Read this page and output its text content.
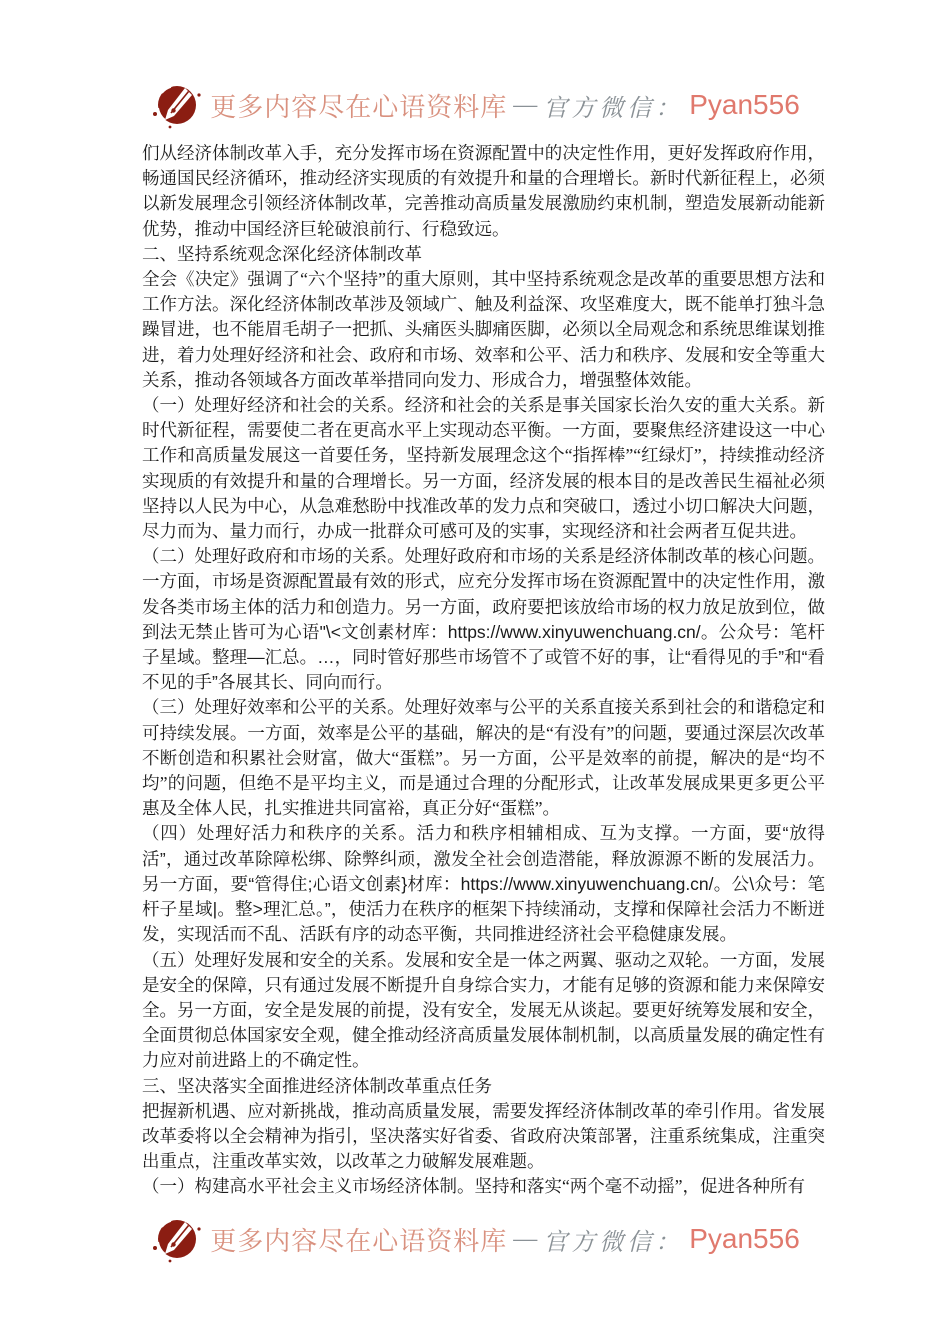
更多内容尽在心语资料库 — 官方微信： Pyan556

们从经济体制改革入手，充分发挥市场在资源配置中的决定性作用，更好发挥政府作用，畅通国民经济循环，推动经济实现质的有效提升和量的合理增长。新时代新征程上，必须以新发展理念引领经济体制改革，完善推动高质量发展激励约束机制，塑造发展新动能新优势，推动中国经济巨轮破浪前行、行稳致远。

二、坚持系统观念深化经济体制改革

全会《决定》强调了“六个坚持”的重大原则，其中坚持系统观念是改革的重要思想方法和工作方法。深化经济体制改革涉及领域广、触及利益深、攻坚难度大，既不能单打独斗急躁冒进，也不能眉毛胡子一把抓、头痛医头脚痛医脚，必须以全局观念和系统思维谋划推进，着力处理好经济和社会、政府和市场、效率和公平、活力和秩序、发展和安全等重大关系，推动各领域各方面改革举措同向发力、形成合力，增强整体效能。

（一）处理好经济和社会的关系。经济和社会的关系是事关国家长治久安的重大关系。新时代新征程，需要使二者在更高水平上实现动态平衡。一方面，要聚焦经济建设这一中心工作和高质量发展这一首要任务，坚持新发展理念这个“指挥棒”“红绿灯”，持续推动经济实现质的有效提升和量的合理增长。另一方面，经济发展的根本目的是改善民生福祉必须坚持以人民为中心，从急难愁盼中找准改革的发力点和突破口，透过小切口解决大问题，尽力而为、量力而行，办成一批群众可感可及的实事，实现经济和社会两者互促共进。

（二）处理好政府和市场的关系。处理好政府和市场的关系是经济体制改革的核心问题。一方面，市场是资源配置最有效的形式，应充分发挥市场在资源配置中的决定性作用，激发各类市场主体的活力和创造力。另一方面，政府要把该放给市场的权力放足放到位，做到法无禁止皆可为心语"\<文创素材库：https://www.xinyuwenchuang.cn/。公众号：笔杆子星域。整理—汇总。…，同时管好那些市场管不了或管不好的事，让“看得见的手”和“看不见的手”各展其长、同向而行。

（三）处理好效率和公平的关系。处理好效率与公平的关系直接关系到社会的和谐稳定和可持续发展。一方面，效率是公平的基础，解决的是“有没有”的问题，要通过深层次改革不断创造和积累社会财富，做大“蛋糕”。另一方面，公平是效率的前提，解决的是“均不均”的问题，但绝不是平均主义，而是通过合理的分配形式，让改革发展成果更多更公平惠及全体人民，扎实推进共同富裕，真正分好“蛋糕”。

（四）处理好活力和秩序的关系。活力和秩序相辅相成、互为支撑。一方面，要“放得活”，通过改革除障松绑、除弊纠顽，激发全社会创造潜能，释放源源不断的发展活力。另一方面，要“管得住;心语文创素}材库：https://www.xinyuwenchuang.cn/。公\众号：笔杆子星域|。整>理汇总。”，使活力在秩序的框架下持续涌动，支撑和保障社会活力不断迸发，实现活而不乱、活跃有序的动态平衡，共同推进经济社会平稳健康发展。

（五）处理好发展和安全的关系。发展和安全是一体之两翼、驱动之双轮。一方面，发展是安全的保障，只有通过发展不断提升自身综合实力，才能有足够的资源和能力来保障安全。另一方面，安全是发展的前提，没有安全，发展无从谈起。要更好统筹发展和安全，全面贯彻总体国家安全观，健全推动经济高质量发展体制机制，以高质量发展的确定性有力应对前进路上的不确定性。

三、坚决落实全面推进经济体制改革重点任务

把握新机遇、应对新挑战，推动高质量发展，需要发挥经济体制改革的牵引作用。省发展改革委将以全会精神为指引，坚决落实好省委、省政府决策部署，注重系统集成，注重突出重点，注重改革实效，以改革之力破解发展难题。

（一）构建高水平社会主义市场经济体制。坚持和落实“两个毫不动摇”，促进各种所有

更多内容尽在心语资料库 — 官方微信： Pyan556
